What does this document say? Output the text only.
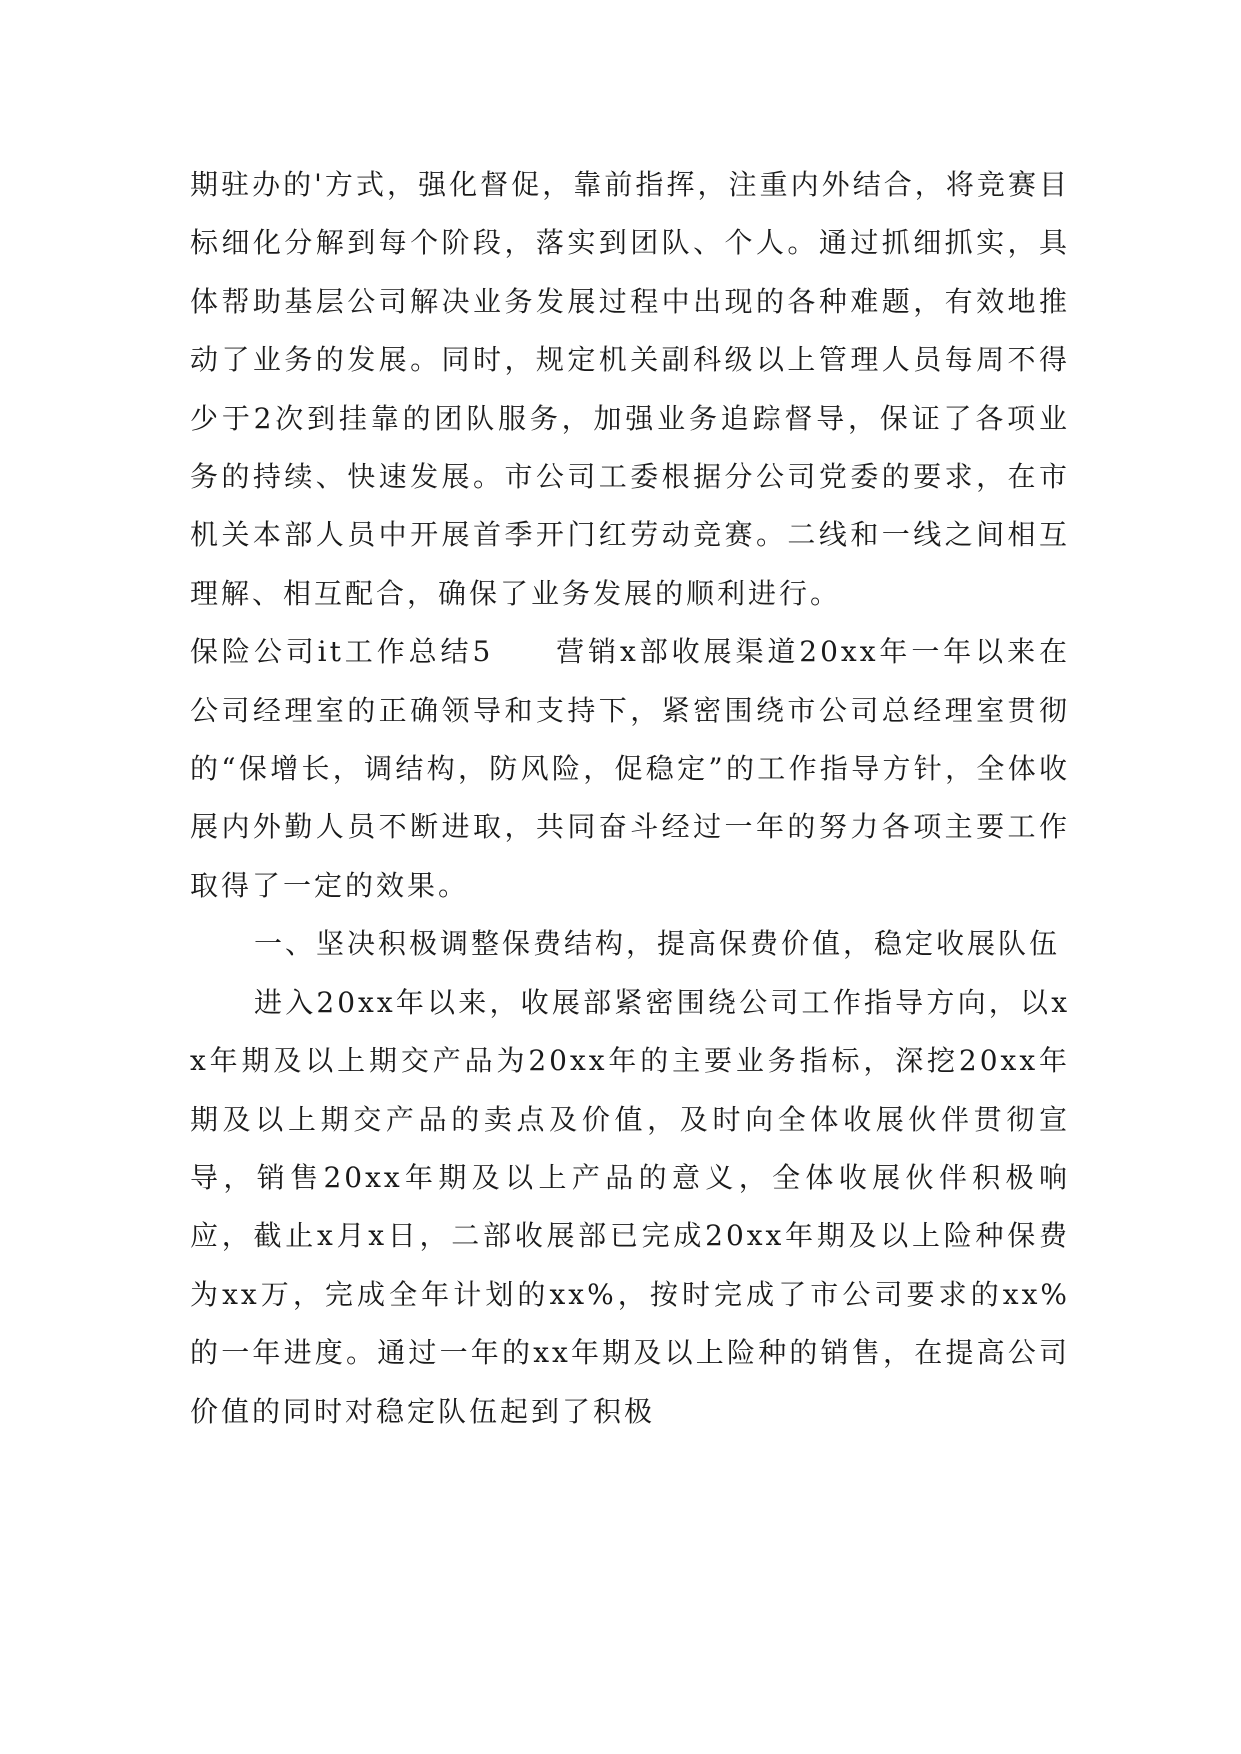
期驻办的'方式，强化督促，靠前指挥，注重内外结合，将竞赛目标细化分解到每个阶段，落实到团队、个人。通过抓细抓实，具体帮助基层公司解决业务发展过程中出现的各种难题，有效地推动了业务的发展。同时，规定机关副科级以上管理人员每周不得少于2次到挂靠的团队服务，加强业务追踪督导，保证了各项业务的持续、快速发展。市公司工委根据分公司党委的要求，在市机关本部人员中开展首季开门红劳动竞赛。二线和一线之间相互理解、相互配合，确保了业务发展的顺利进行。

保险公司it工作总结5 营销x部收展渠道20xx年一年以来在公司经理室的正确领导和支持下，紧密围绕市公司总经理室贯彻的“保增长，调结构，防风险，促稳定”的工作指导方针，全体收展内外勤人员不断进取，共同奋斗经过一年的努力各项主要工作取得了一定的效果。

一、坚决积极调整保费结构，提高保费价值，稳定收展队伍

进入20xx年以来，收展部紧密围绕公司工作指导方向，以xx年期及以上期交产品为20xx年的主要业务指标，深挖20xx年期及以上期交产品的卖点及价值，及时向全体收展伙伴贯彻宣导，销售20xx年期及以上产品的意义，全体收展伙伴积极响应，截止x月x日，二部收展部已完成20xx年期及以上险种保费为xx万，完成全年计划的xx%，按时完成了市公司要求的xx%的一年进度。通过一年的xx年期及以上险种的销售，在提高公司价值的同时对稳定队伍起到了积极
